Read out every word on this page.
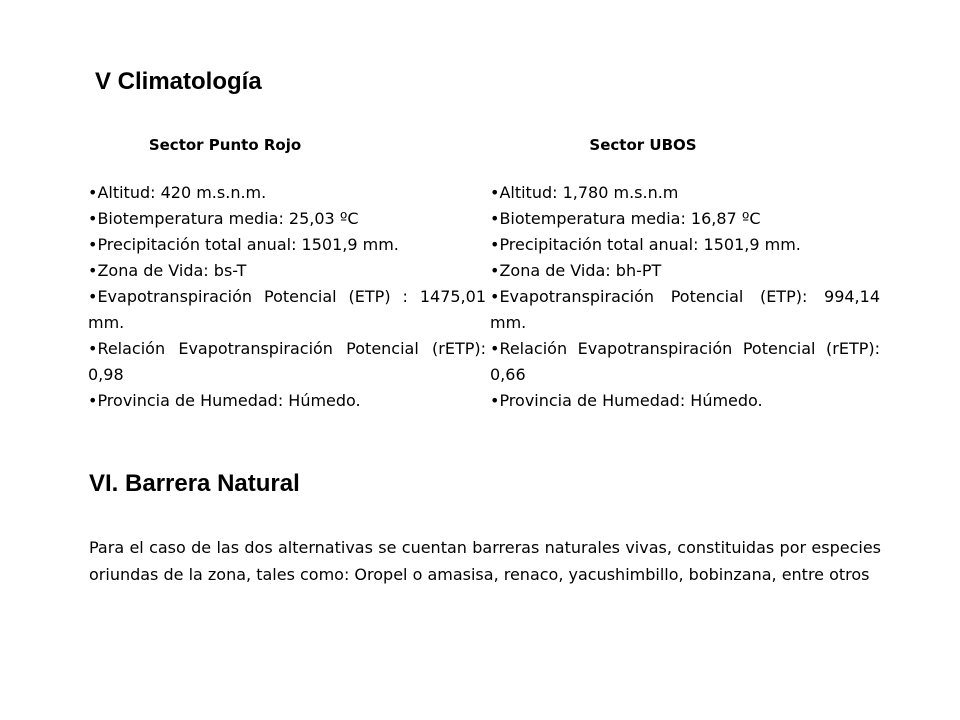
V Climatología
Sector Punto Rojo
• Altitud: 420 m.s.n.m.
• Biotemperatura media: 25,03 ºC
• Precipitación total anual: 1501,9 mm.
• Zona de Vida: bs-T
• Evapotranspiración Potencial (ETP) : 1475,01 mm.
• Relación Evapotranspiración Potencial (rETP): 0,98
• Provincia de Humedad: Húmedo.
Sector UBOS
• Altitud: 1,780 m.s.n.m
• Biotemperatura media: 16,87 ºC
• Precipitación total anual: 1501,9 mm.
• Zona de Vida: bh-PT
• Evapotranspiración Potencial (ETP): 994,14 mm.
• Relación Evapotranspiración Potencial (rETP): 0,66
• Provincia de Humedad: Húmedo.
VI. Barrera Natural

Para el caso de las dos alternativas se cuentan barreras naturales vivas, constituidas por especies oriundas de la zona, tales como: Oropel o amasisa, renaco, yacushimbillo, bobinzana, entre otros
